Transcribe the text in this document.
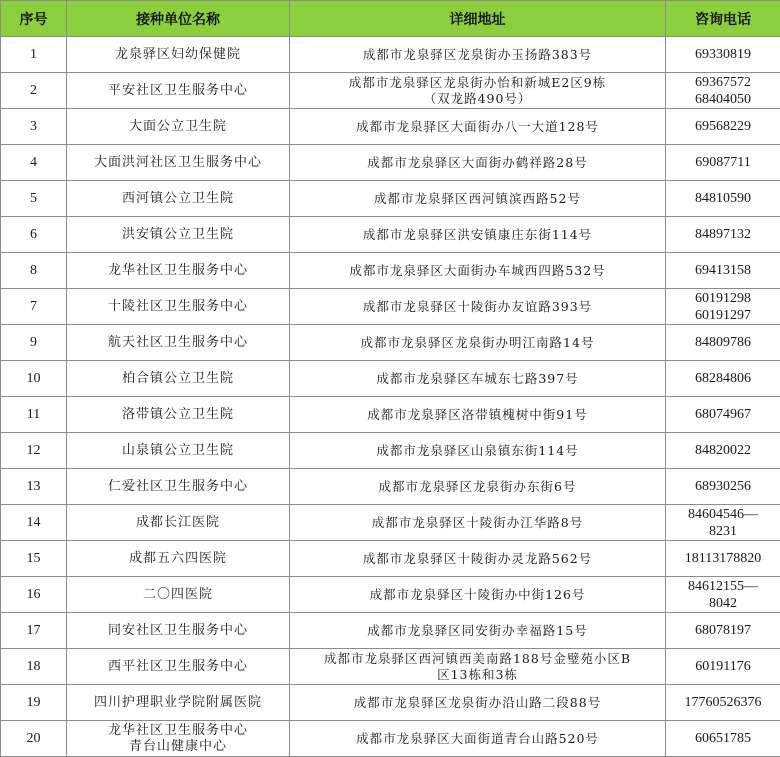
序号	接种单位名称	详细地址	咨询电话

1	龙泉驿区妇幼保健院	成都市龙泉驿区龙泉街办玉扬路383号	69330819

2	平安社区卫生服务中心	成都市龙泉驿区龙泉街办怡和新城E2区9栋
（双龙路490号）	69367572
68404050

3	大面公立卫生院	成都市龙泉驿区大面街办八一大道128号	69568229

4	大面洪河社区卫生服务中心	成都市龙泉驿区大面街办鹤祥路28号	69087711

5	西河镇公立卫生院	成都市龙泉驿区西河镇滨西路52号	84810590

6	洪安镇公立卫生院	成都市龙泉驿区洪安镇康庄东街114号	84897132

8	龙华社区卫生服务中心	成都市龙泉驿区大面街办车城西四路532号	69413158

7	十陵社区卫生服务中心	成都市龙泉驿区十陵街办友谊路393号	60191298
60191297

9	航天社区卫生服务中心	成都市龙泉驿区龙泉街办明江南路14号	84809786

10	柏合镇公立卫生院	成都市龙泉驿区车城东七路397号	68284806

11	洛带镇公立卫生院	成都市龙泉驿区洛带镇槐树中街91号	68074967

12	山泉镇公立卫生院	成都市龙泉驿区山泉镇东街114号	84820022

13	仁爱社区卫生服务中心	成都市龙泉驿区龙泉街办东街6号	68930256

14	成都长江医院	成都市龙泉驿区十陵街办江华路8号	84604546—
8231

15	成都五六四医院	成都市龙泉驿区十陵街办灵龙路562号	18113178820

16	二〇四医院	成都市龙泉驿区十陵街办中街126号	84612155—
8042

17	同安社区卫生服务中心	成都市龙泉驿区同安街办幸福路15号	68078197

18	西平社区卫生服务中心	成都市龙泉驿区西河镇西美南路188号金璧苑小区B
区13栋和3栋	60191176

19	四川护理职业学院附属医院	成都市龙泉驿区龙泉街办沿山路二段88号	17760526376

20	龙华社区卫生服务中心
青台山健康中心	成都市龙泉驿区大面街道青台山路520号	60651785
